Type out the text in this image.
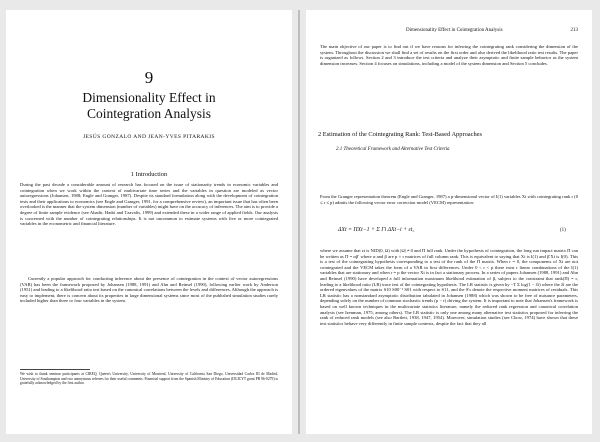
9
Dimensionality Effect in
Cointegration Analysis
JESÚS GONZALO AND JEAN-YVES PITARAKIS
1 Introduction

During the past decade a considerable amount of research has focused on the issue of stationarity trends in economic variables and cointegration when we work within the context of multivariate time series and the variables in question are modeled as vector autoregressions (Johansen, 1988; Engle and Granger, 1987). Despite its standard formulation along with the development of cointegration tests and their applications to economics (see Engle and Granger, 1991, for a comprehensive review), an important issue that has often been overlooked is the manner that the system dimension (number of variables) might have on the accuracy of inferences. The aim is to provide a degree of finite sample evidence (see Abadir, Hadri and Tzavalis, 1999) and extended these in a wider range of applied fields. Our analysis is concerned with the number of cointegrating relationships. It is not uncommon to estimate systems with five or more cointegrated variables in the econometric and financial literature.

Currently a popular approach for conducting inference about the presence of cointegration in the context of vector autoregressions (VAR) has been the framework proposed by Johansen (1988, 1991) and Ahn and Reinsel (1990), following earlier work by Anderson (1951) and leading to a likelihood ratio test based on the canonical correlations between the levels and differences. Although the approach is easy to implement, there is concern about its properties in large dimensional systems since most of the published simulation studies rarely included higher than three or four variables in the system.

We wish to thank seminar participants at CIREQ, Queen's University, University of Montreal, University of California San Diego, Universidad Carlos III de Madrid, University of Southampton and two anonymous referees for their useful comments. Financial support from the Spanish Ministry of Education (DGICYT grant PB 96-0279) is gratefully acknowledged by the first author.

Dimensionality Effect in Cointegration Analysis	213

The main objective of our paper is to find out if we have reasons for inferring the cointegrating rank considering the dimension of the system. Throughout the discussion we shall find a set of results on the first order and also derived the likelihood ratio test results. The paper is organized as follows. Section 2 and 3 introduce the test criteria and analyze their asymptotic and finite sample behavior as the system dimension increases. Section 4 focuses on simulations, including a model of the system dimension and Section 5 concludes.

2 Estimation of the Cointegrating Rank: Test-Based Approaches
2.1 Theoretical Framework and Alternative Test Criteria

From the Granger representation theorem (Engle and Granger, 1987) a p-dimensional vector of I(1) variables Xt with cointegrating rank r (0 ≤ r ≤ p) admits the following vector error correction model (VECM) representation:

ΔXt = ΠXt−1 + Σ Γi ΔXt−i + εt,	(1)

where we assume that εt is NID(0, Ω) with |Ω| ≠ 0 and Π full rank. Under the hypothesis of cointegration, the long run impact matrix Π can be written as Π = αβ′ where α and β are p × r matrices of full column rank. This is equivalent to saying that Xt is I(1) and β′Xt is I(0). This is a test of the cointegrating hypothesis corresponding to a test of the rank of the Π matrix. When r = 0, the components of Xt are not cointegrated and the VECM takes the form of a VAR in first differences. Under 0 < r < p there exist r linear combinations of the I(1) variables that are stationary and when r = p the vector Xt is in fact a stationary process. In a series of papers Johansen (1988, 1991) and Ahn and Reinsel (1990) have developed a full information maximum likelihood estimation of β, subject to the constraint that rank(Π) = r, leading to a likelihood ratio (LR) trace test of the cointegrating hypothesis. The LR statistic is given by −T Σ log(1 − λ̂i) where the λ̂i are the ordered eigenvalues of the matrix S10 S00⁻¹ S01 with respect to S11, and the S's denote the respective moment matrices of residuals. This LR statistic has a nonstandard asymptotic distribution tabulated in Johansen (1988) which was shown to be free of nuisance parameters, depending solely on the number of common stochastic trends (p − r) driving the system. It is important to note that Johansen's framework is based on well known techniques in the multivariate statistics literature, namely the reduced rank regression and canonical correlation analysis (see Izenman, 1975, among others). The LR statistic is only one among many alternative test statistics proposed for inferring the rank of reduced rank models (see also Bartlett, 1938, 1947, 1954). Moreover, simulation studies (see Chow, 1974) have shown that these test statistics behave very differently in finite sample contexts, despite the fact that they all
